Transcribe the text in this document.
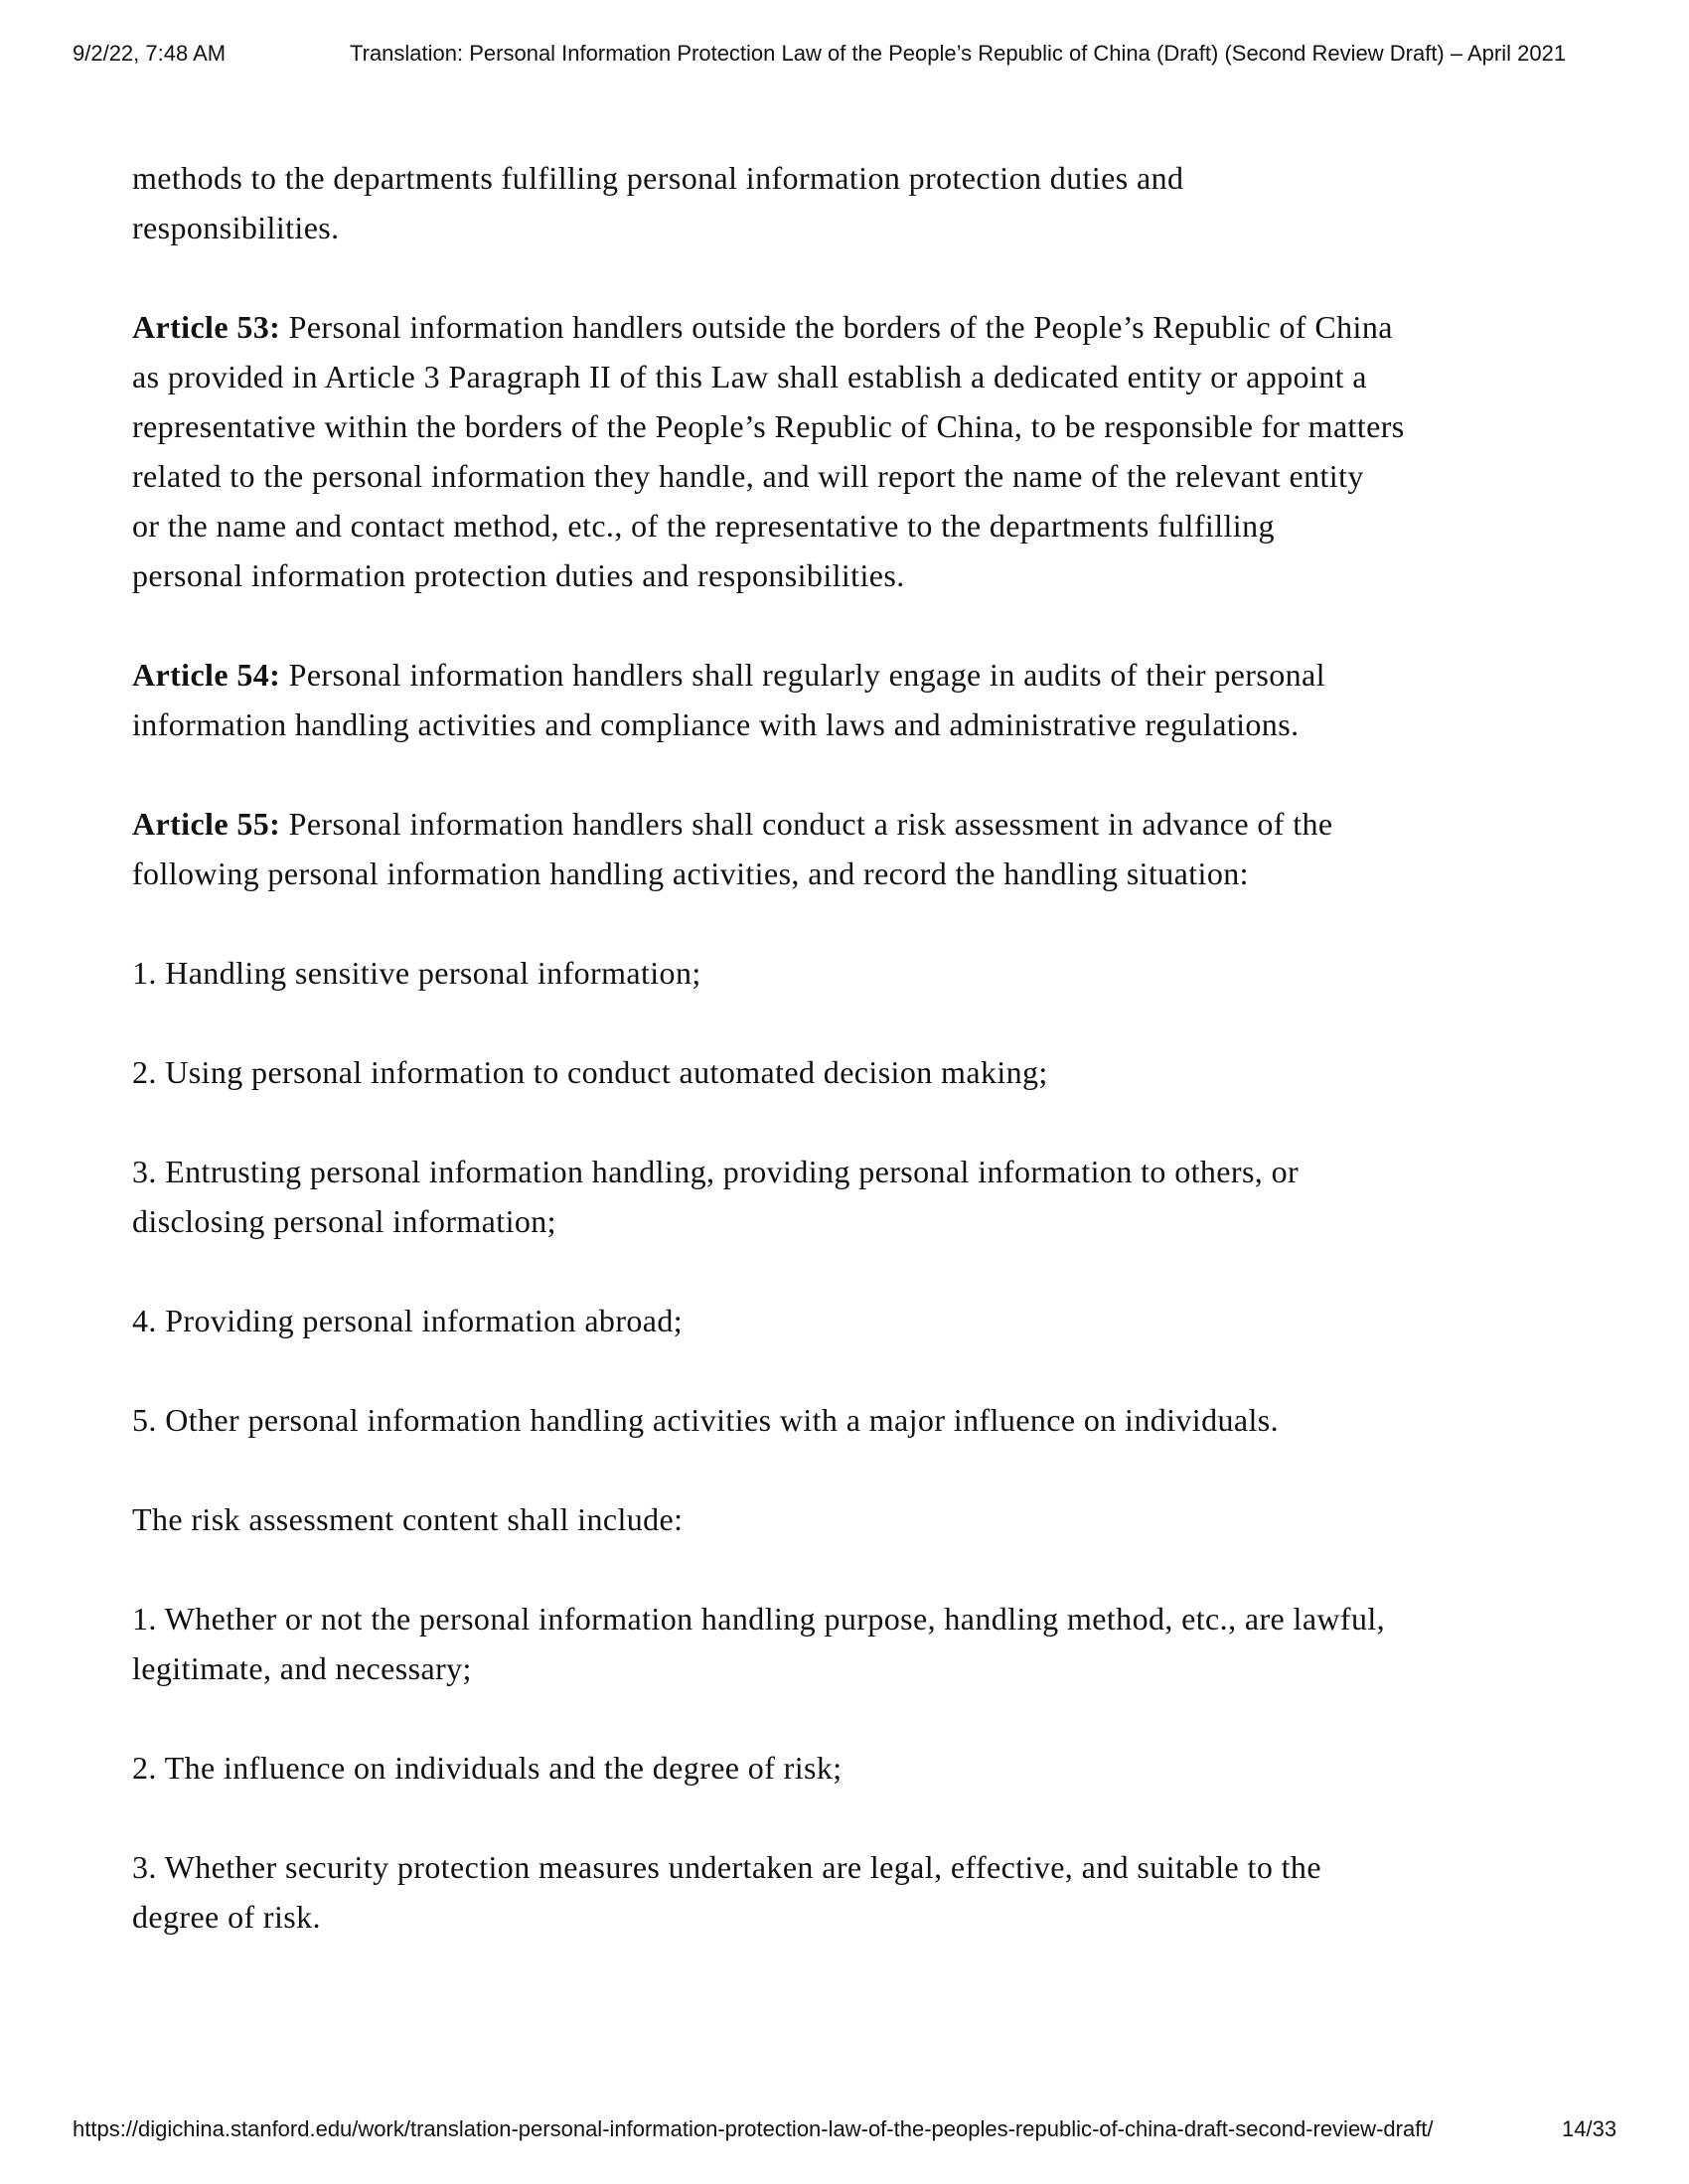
9/2/22, 7:48 AM	Translation: Personal Information Protection Law of the People’s Republic of China (Draft) (Second Review Draft) – April 2021
methods to the departments fulfilling personal information protection duties and
responsibilities.
Article 53: Personal information handlers outside the borders of the People’s Republic of China
as provided in Article 3 Paragraph II of this Law shall establish a dedicated entity or appoint a
representative within the borders of the People’s Republic of China, to be responsible for matters
related to the personal information they handle, and will report the name of the relevant entity
or the name and contact method, etc., of the representative to the departments fulfilling
personal information protection duties and responsibilities.
Article 54: Personal information handlers shall regularly engage in audits of their personal
information handling activities and compliance with laws and administrative regulations.
Article 55: Personal information handlers shall conduct a risk assessment in advance of the
following personal information handling activities, and record the handling situation:
1. Handling sensitive personal information;
2. Using personal information to conduct automated decision making;
3. Entrusting personal information handling, providing personal information to others, or
disclosing personal information;
4. Providing personal information abroad;
5. Other personal information handling activities with a major influence on individuals.
The risk assessment content shall include:
1. Whether or not the personal information handling purpose, handling method, etc., are lawful,
legitimate, and necessary;
2. The influence on individuals and the degree of risk;
3. Whether security protection measures undertaken are legal, effective, and suitable to the
degree of risk.
https://digichina.stanford.edu/work/translation-personal-information-protection-law-of-the-peoples-republic-of-china-draft-second-review-draft/	14/33
